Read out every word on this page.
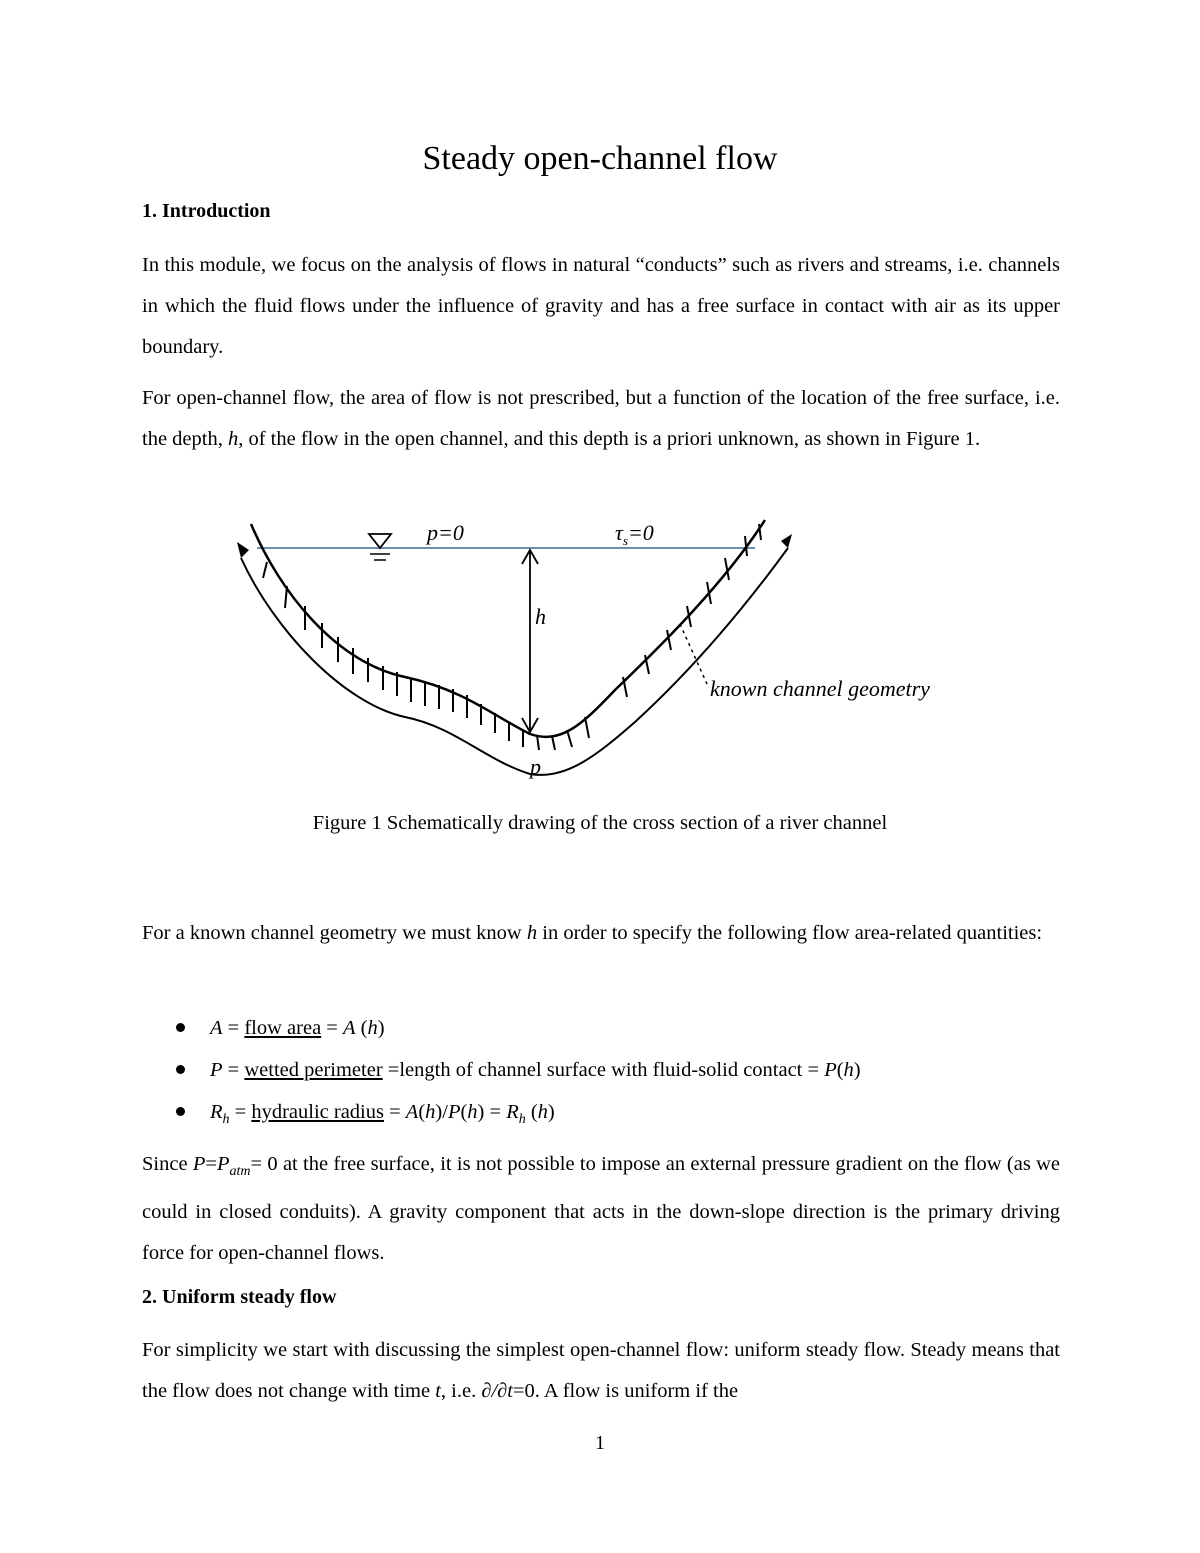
Steady open-channel flow
1. Introduction

In this module, we focus on the analysis of flows in natural “conducts” such as rivers and streams, i.e. channels in which the fluid flows under the influence of gravity and has a free surface in contact with air as its upper boundary.

For open-channel flow, the area of flow is not prescribed, but a function of the location of the free surface, i.e. the depth, h, of the flow in the open channel, and this depth is a priori unknown, as shown in Figure 1.

p=0	$\tau_s=0$
h
p
known channel geometry

Figure 1 Schematically drawing of the cross section of a river channel

For a known channel geometry we must know h in order to specify the following flow area-related quantities:

A = flow area = A (h)
P = wetted perimeter =length of channel surface with fluid-solid contact = P(h)
$R_h$ = hydraulic radius = $A(h)/P(h) = R_h$ (h)

Since $P=P_{atm}= 0$ at the free surface, it is not possible to impose an external pressure gradient on the flow (as we could in closed conduits). A gravity component that acts in the down-slope direction is the primary driving force for open-channel flows.

2. Uniform steady flow

For simplicity we start with discussing the simplest open-channel flow: uniform steady flow. Steady means that the flow does not change with time t, i.e. ∂/∂t=0. A flow is uniform if the

1
